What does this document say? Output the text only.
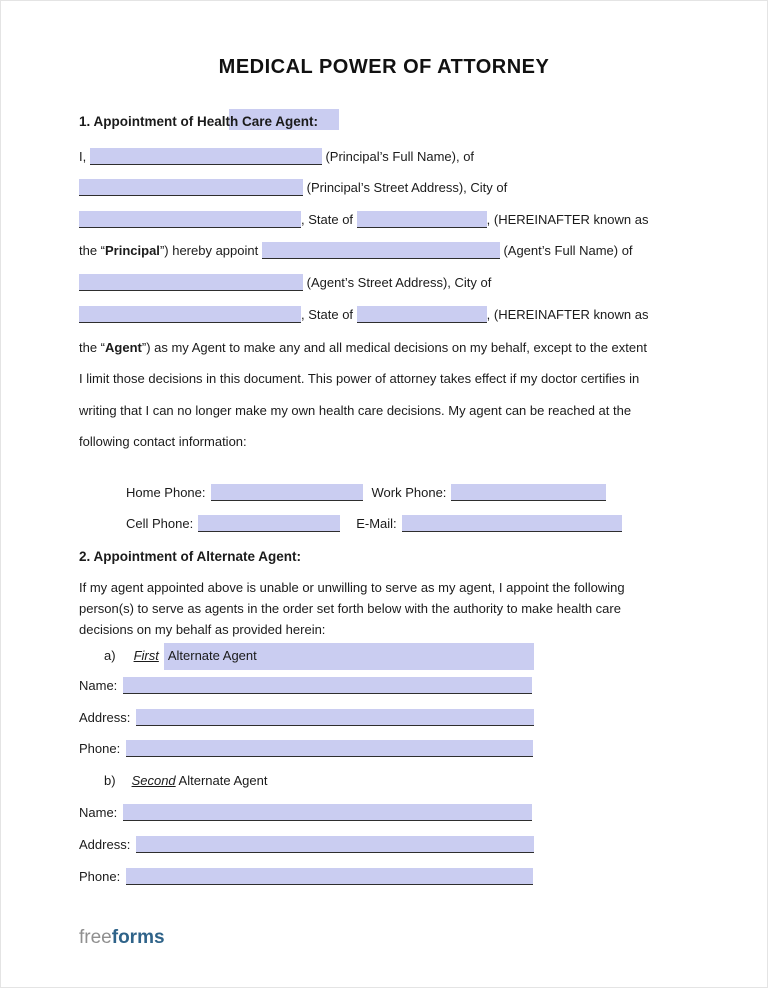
MEDICAL POWER OF ATTORNEY
1. Appointment of Health Care Agent:
I,	(Principal’s Full Name), of
(Principal’s Street Address), City of
, State of	, (HEREINAFTER known as
the “Principal”) hereby appoint	(Agent’s Full Name) of
(Agent’s Street Address), City of
, State of	, (HEREINAFTER known as
the “Agent”) as my Agent to make any and all medical decisions on my behalf, except to the extent
I limit those decisions in this document. This power of attorney takes effect if my doctor certifies in
writing that I can no longer make my own health care decisions. My agent can be reached at the
following contact information:
Home Phone:	Work Phone:
Cell Phone:	E-Mail:
2. Appointment of Alternate Agent:
If my agent appointed above is unable or unwilling to serve as my agent, I appoint the following
person(s) to serve as agents in the order set forth below with the authority to make health care
decisions on my behalf as provided herein:
a) First Alternate Agent
Name:
Address:
Phone:
b) Second Alternate Agent
Name:
Address:
Phone:
freeforms
